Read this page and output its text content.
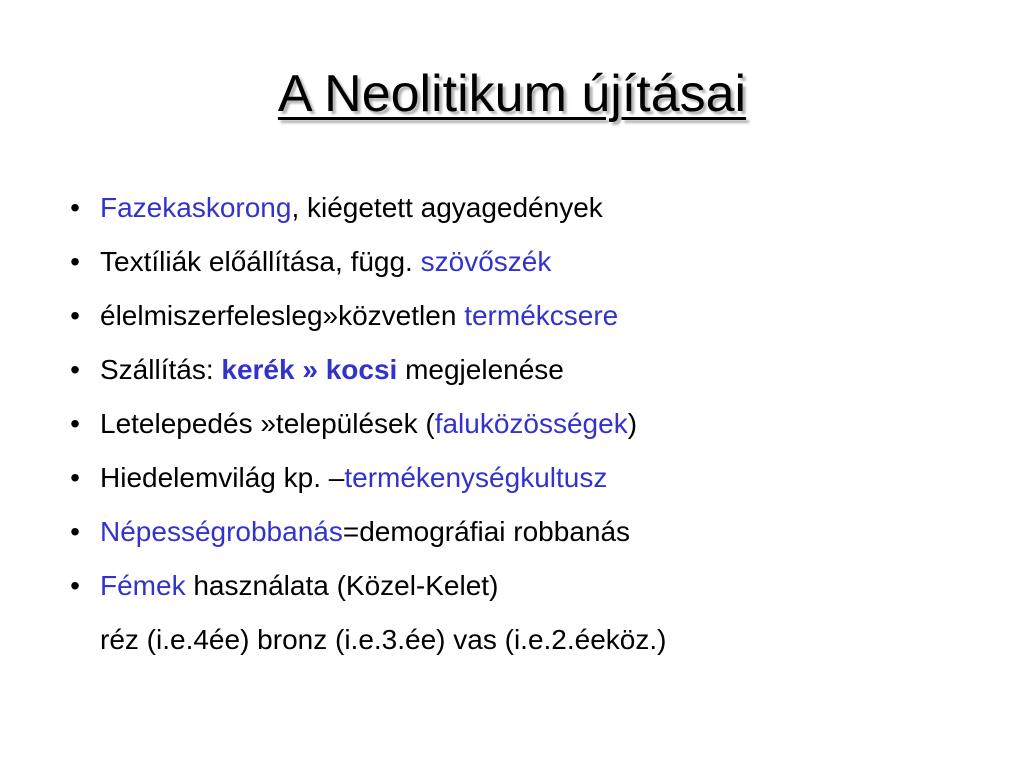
A Neolitikum újításai
• Fazekaskorong, kiégetett agyagedények
• Textíliák előállítása, függ. szövőszék
• élelmiszerfelesleg»közvetlen termékcsere
• Szállítás: kerék » kocsi megjelenése
• Letelepedés »települések (faluközösségek)
• Hiedelemvilág kp. –termékenységkultusz
• Népességrobbanás=demográfiai robbanás
• Fémek használata (Közel-Kelet)
réz (i.e.4ée) bronz (i.e.3.ée) vas (i.e.2.éeköz.)
